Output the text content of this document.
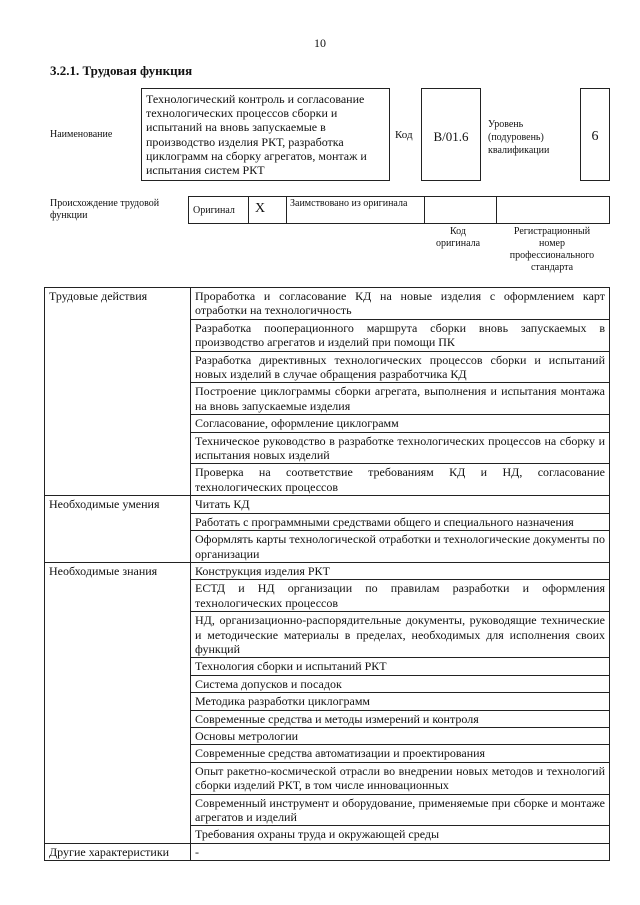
10
3.2.1. Трудовая функция
Наименование
Технологический контроль и согласование технологических процессов сборки и испытаний на вновь запускаемые в производство изделия РКТ, разработка циклограмм на сборку агрегатов, монтаж и испытания систем РКТ
Код	B/01.6
Уровень (подуровень) квалификации
6
Происхождение трудовой функции	Оригинал	X	Заимствовано из оригинала
Код оригинала
Регистрационный номер профессионального стандарта
Трудовые действия	Проработка и согласование КД на новые изделия с оформлением карт отработки на технологичность
	Разработка пооперационного маршрута сборки вновь запускаемых в производство агрегатов и изделий при помощи ПК
	Разработка директивных технологических процессов сборки и испытаний новых изделий в случае обращения разработчика КД
	Построение циклограммы сборки агрегата, выполнения и испытания монтажа на вновь запускаемые изделия
	Согласование, оформление циклограмм
	Техническое руководство в разработке технологических процессов на сборку и испытания новых изделий
	Проверка на соответствие требованиям КД и НД, согласование технологических процессов
Необходимые умения	Читать КД
	Работать с программными средствами общего и специального назначения
	Оформлять карты технологической отработки и технологические документы по организации
Необходимые знания	Конструкция изделия РКТ
	ЕСТД и НД организации по правилам разработки и оформления технологических процессов
	НД, организационно-распорядительные документы, руководящие технические и методические материалы в пределах, необходимых для исполнения своих функций
	Технология сборки и испытаний РКТ
	Система допусков и посадок
	Методика разработки циклограмм
	Современные средства и методы измерений и контроля
	Основы метрологии
	Современные средства автоматизации и проектирования
	Опыт ракетно-космической отрасли во внедрении новых методов и технологий сборки изделий РКТ, в том числе инновационных
	Современный инструмент и оборудование, применяемые при сборке и монтаже агрегатов и изделий
	Требования охраны труда и окружающей среды
Другие характеристики	-
